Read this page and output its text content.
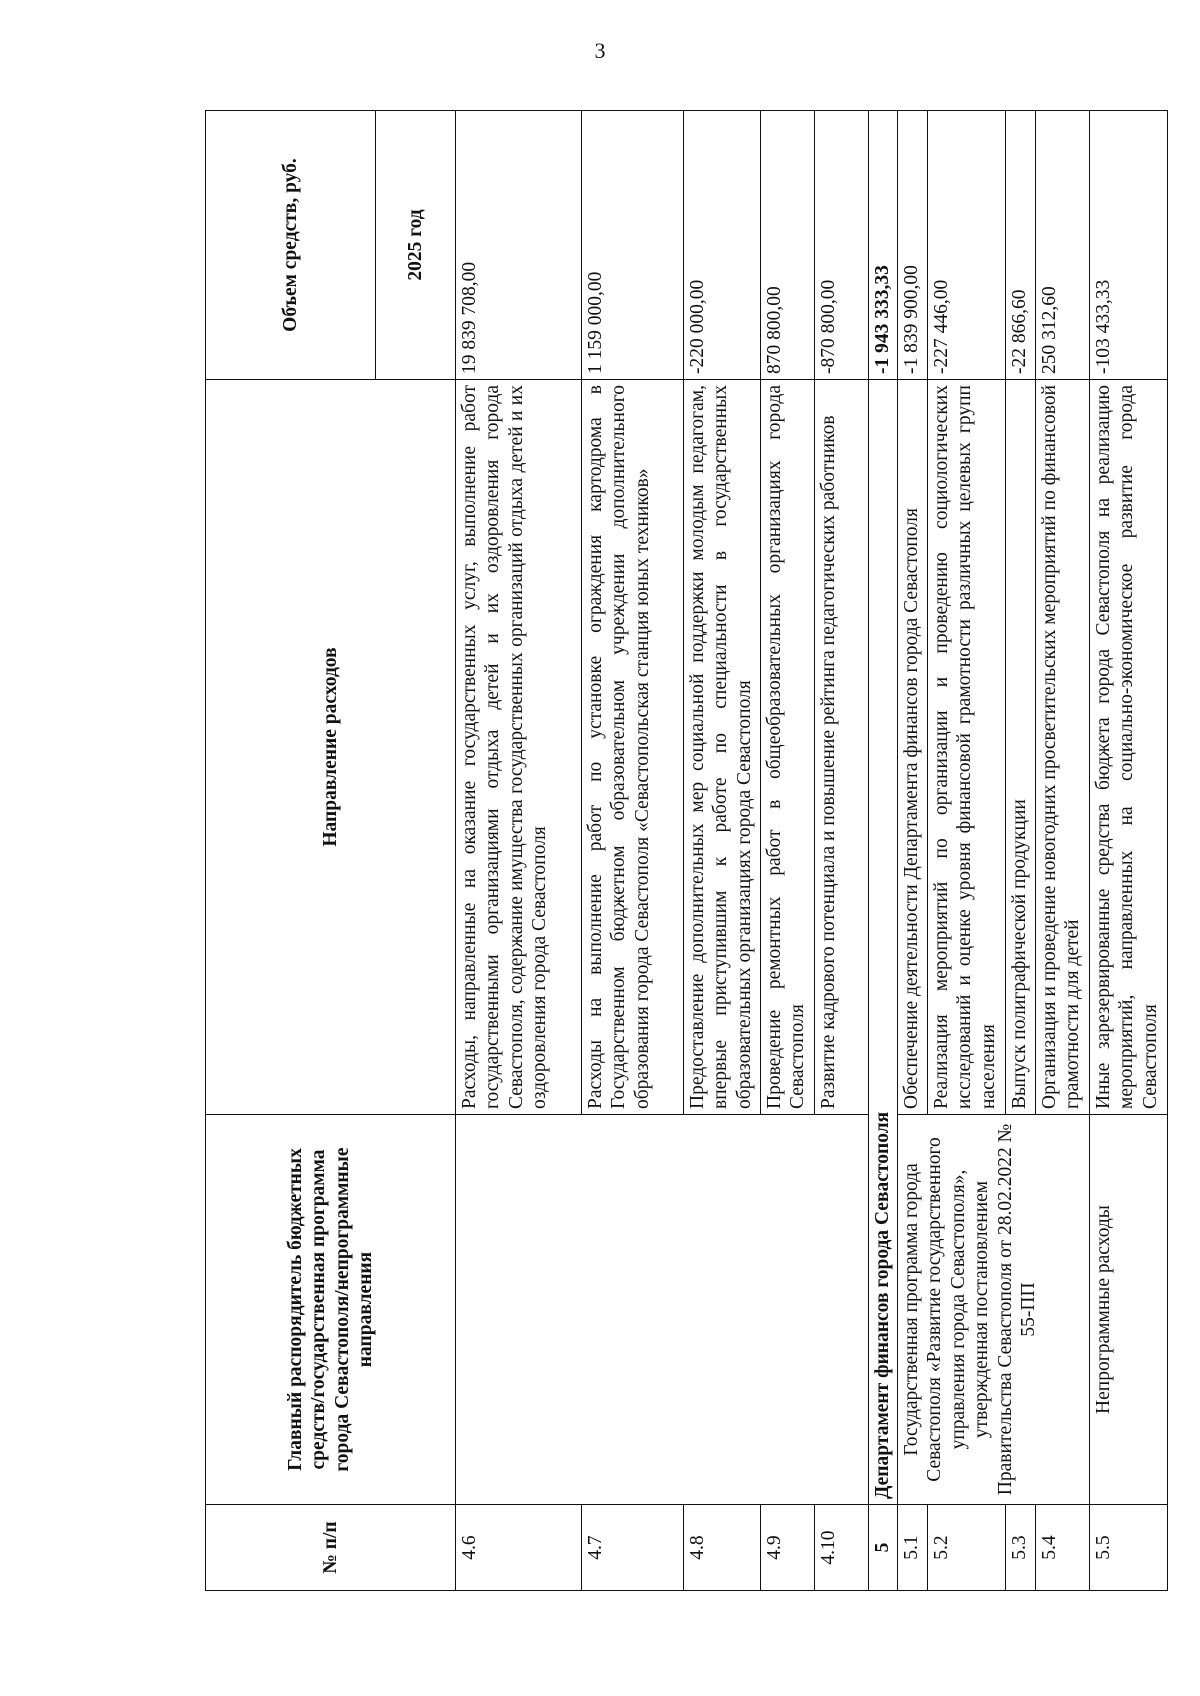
3
№ п/п	Главный распорядитель бюджетных средств/государственная программа города Севастополя/непрограммные направления	Направление расходов	Объем средств, руб.
			2025 год
4.6		Расходы, направленные на оказание государственных услуг, выполнение работ государственными организациями отдыха детей и их оздоровления города Севастополя, содержание имущества государственных организаций отдыха детей и их оздоровления города Севастополя	19 839 708,00
4.7		Расходы на выполнение работ по установке ограждения картодрома в Государственном бюджетном образовательном учреждении дополнительного образования города Севастополя «Севастопольская станция юных техников»	1 159 000,00
4.8		Предоставление дополнительных мер социальной поддержки молодым педагогам, впервые приступившим к работе по специальности в государственных образовательных организациях города Севастополя	-220 000,00
4.9		Проведение ремонтных работ в общеобразовательных организациях города Севастополя	870 800,00
4.10		Развитие кадрового потенциала и повышение рейтинга педагогических работников	-870 800,00
5	Департамент финансов города Севастополя		-1 943 333,33
5.1	Государственная программа города Севастополя «Развитие государственного управления города Севастополя», утвержденная постановлением Правительства Севастополя от 28.02.2022 № 55-ПП	Обеспечение деятельности Департамента финансов города Севастополя	-1 839 900,00
5.2		Реализация мероприятий по организации и проведению социологических исследований и оценке уровня финансовой грамотности различных целевых групп населения	-227 446,00
5.3		Выпуск полиграфической продукции	-22 866,60
5.4		Организация и проведение новогодних просветительских мероприятий по финансовой грамотности для детей	250 312,60
5.5	Непрограммные расходы	Иные зарезервированные средства бюджета города Севастополя на реализацию мероприятий, направленных на социально-экономическое развитие города Севастополя	-103 433,33
